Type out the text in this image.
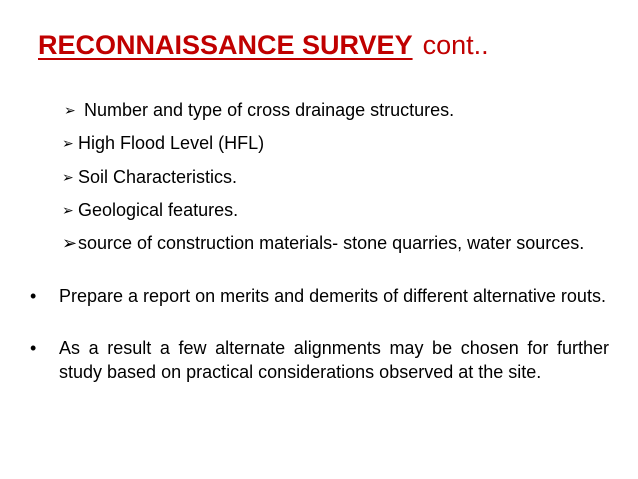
RECONNAISSANCE SURVEY cont..
➢ Number and type of cross drainage structures.
➢ High Flood Level (HFL)
➢ Soil Characteristics.
➢ Geological features.
➢ source of construction materials- stone quarries, water sources.
• Prepare a report on merits and demerits of different alternative routs.
• As a result a few alternate alignments may be chosen for further study based on practical considerations observed at the site.
